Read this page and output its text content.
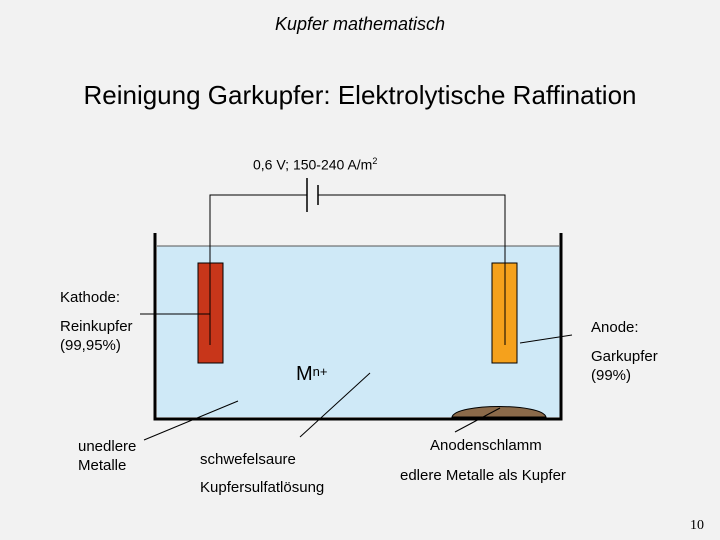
Kupfer mathematisch
Reinigung Garkupfer: Elektrolytische Raffination
0,6 V; 150-240 $A/m^2$
Kathode:
Reinkupfer
(99,95%)
Anode:
Garkupfer
(99%)
unedlere
Metalle	schwefelsaure
Kupfersulfatlösung
Anodenschlamm
edlere Metalle als Kupfer
$M^{n+}$
10
